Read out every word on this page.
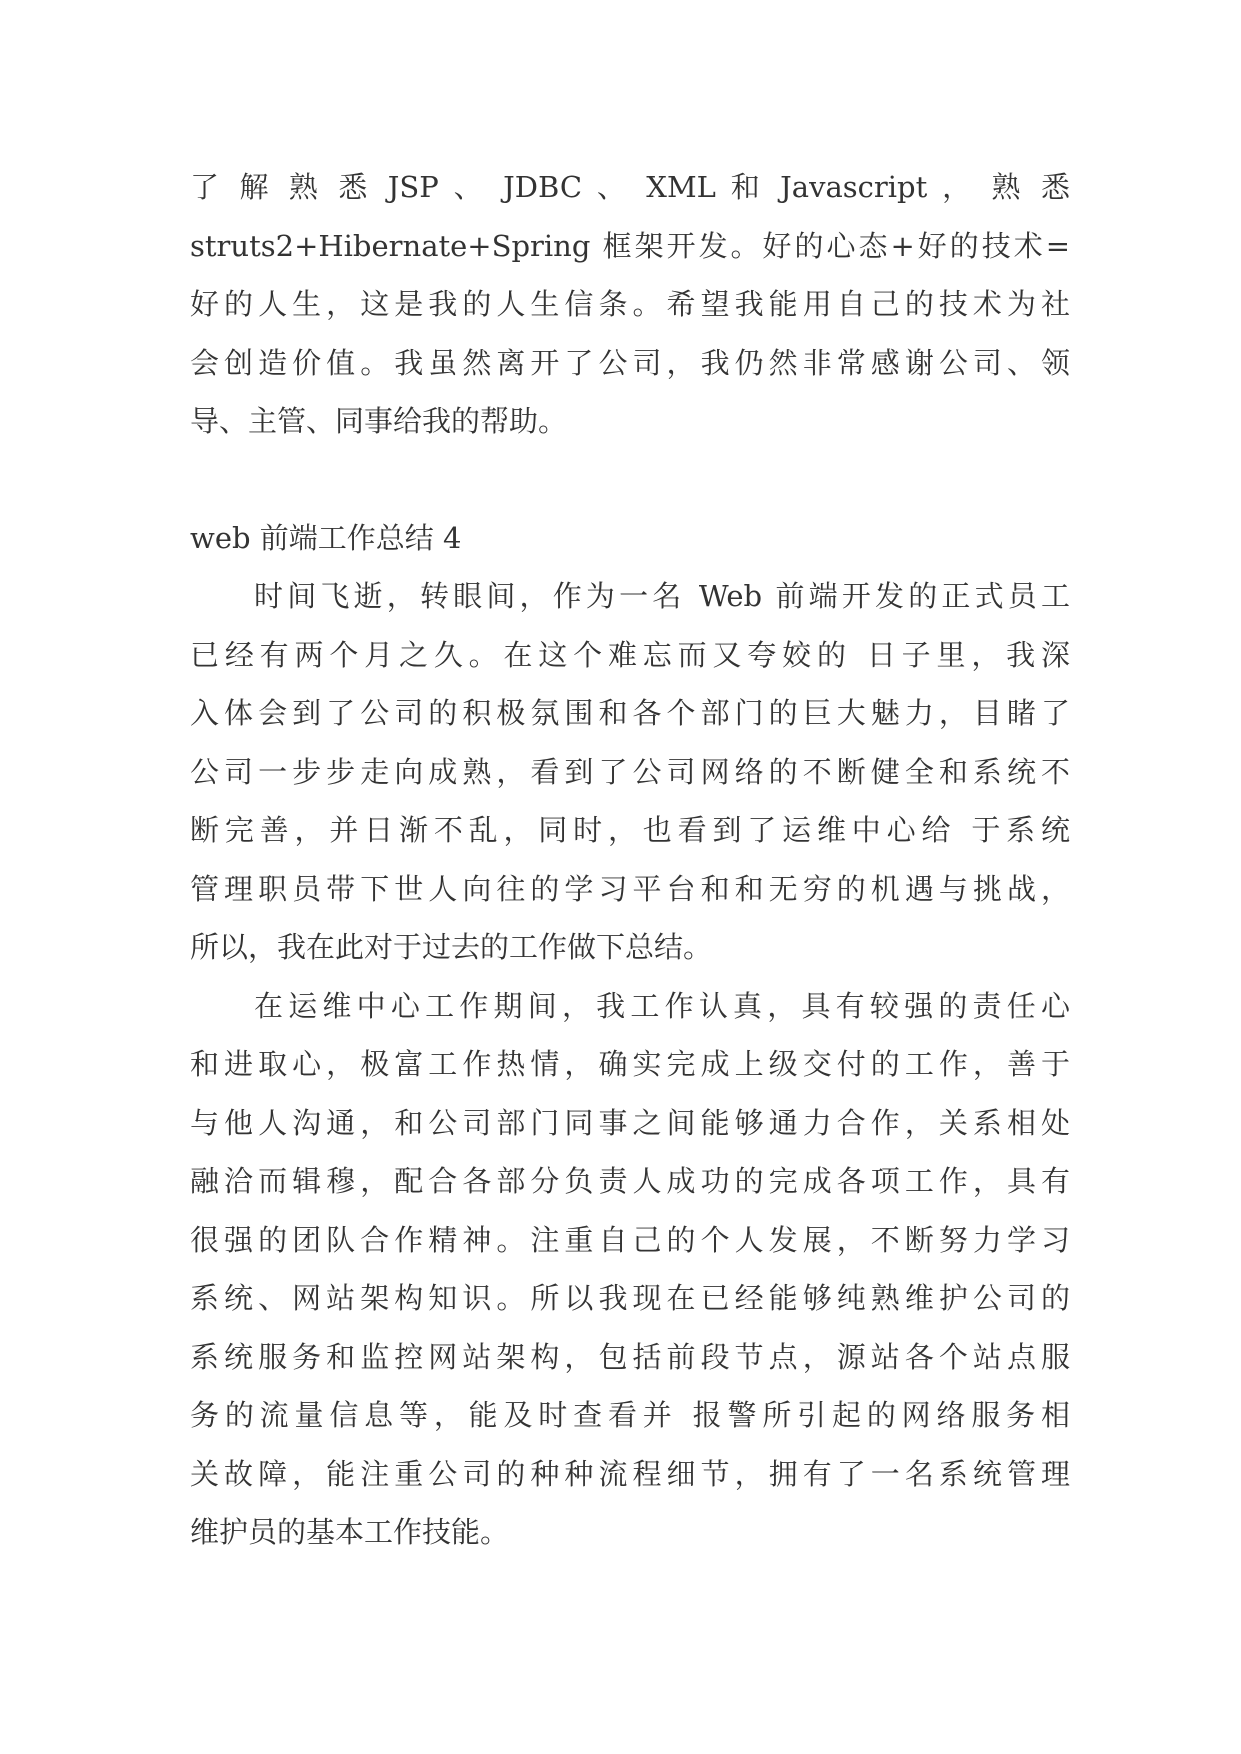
了 解 熟 悉 JSP 、 JDBC 、 XML 和 Javascript ， 熟 悉
struts2+Hibernate+Spring 框架开发。好的心态+好的技术=
好的人生，这是我的人生信条。希望我能用自己的技术为社
会创造价值。我虽然离开了公司，我仍然非常感谢公司、领
导、主管、同事给我的帮助。
web 前端工作总结 4
时间飞逝，转眼间，作为一名 Web 前端开发的正式员工
已经有两个月之久。在这个难忘而又夸姣的 日子里，我深
入体会到了公司的积极氛围和各个部门的巨大魅力，目睹了
公司一步步走向成熟，看到了公司网络的不断健全和系统不
断完善，并日渐不乱，同时，也看到了运维中心给 于系统
管理职员带下世人向往的学习平台和和无穷的机遇与挑战，
所以，我在此对于过去的工作做下总结。
在运维中心工作期间，我工作认真，具有较强的责任心
和进取心，极富工作热情，确实完成上级交付的工作，善于
与他人沟通，和公司部门同事之间能够通力合作，关系相处
融洽而辑穆，配合各部分负责人成功的完成各项工作，具有
很强的团队合作精神。注重自己的个人发展，不断努力学习
系统、网站架构知识。所以我现在已经能够纯熟维护公司的
系统服务和监控网站架构，包括前段节点，源站各个站点服
务的流量信息等，能及时查看并 报警所引起的网络服务相
关故障，能注重公司的种种流程细节，拥有了一名系统管理
维护员的基本工作技能。
